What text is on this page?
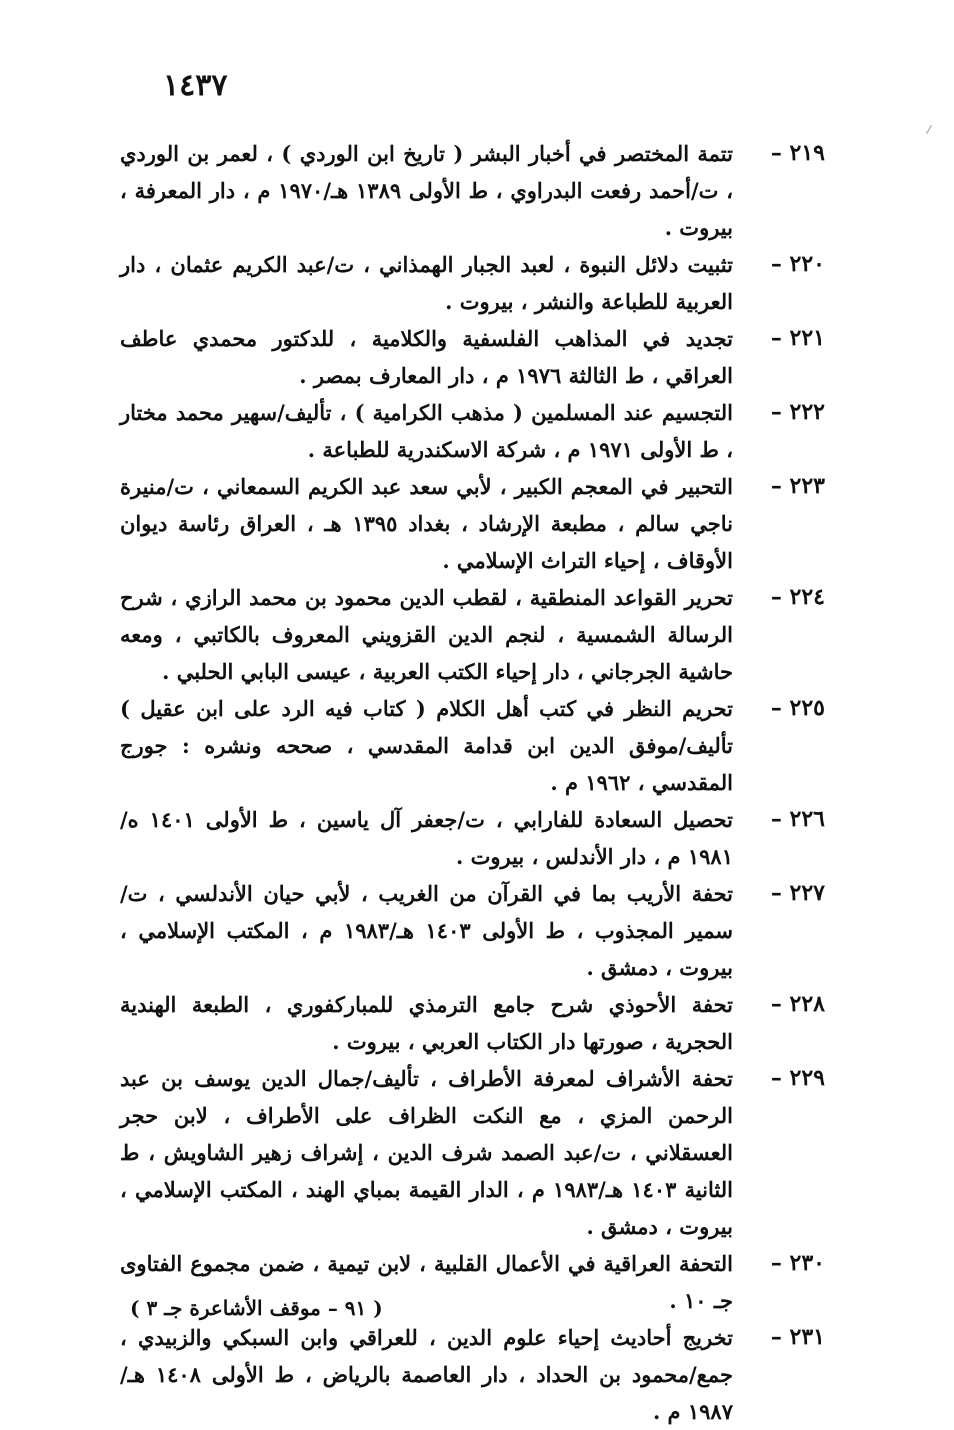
١٤٣٧
٢١٩ –
تتمة المختصر في أخبار البشر ( تاريخ ابن الوردي ) ، لعمر بن الوردي ، ت/أحمد رفعت البدراوي ، ط الأولى ١٣٨٩ هـ/١٩٧٠ م ، دار المعرفة ، بيروت .
٢٢٠ –
تثبيت دلائل النبوة ، لعبد الجبار الهمذاني ، ت/عبد الكريم عثمان ، دار العربية للطباعة والنشر ، بيروت .
٢٢١ –
تجديد في المذاهب الفلسفية والكلامية ، للدكتور محمدي عاطف العراقي ، ط الثالثة ١٩٧٦ م ، دار المعارف بمصر .
٢٢٢ –
التجسيم عند المسلمين ( مذهب الكرامية ) ، تأليف/سهير محمد مختار ، ط الأولى ١٩٧١ م ، شركة الاسكندرية للطباعة .
٢٢٣ –
التحبير في المعجم الكبير ، لأبي سعد عبد الكريم السمعاني ، ت/منيرة ناجي سالم ، مطبعة الإرشاد ، بغداد ١٣٩٥ هـ ، العراق رئاسة ديوان الأوقاف ، إحياء التراث الإسلامي .
٢٢٤ –
تحرير القواعد المنطقية ، لقطب الدين محمود بن محمد الرازي ، شرح الرسالة الشمسية ، لنجم الدين القزويني المعروف بالكاتبي ، ومعه حاشية الجرجاني ، دار إحياء الكتب العربية ، عيسى البابي الحلبي .
٢٢٥ –
تحريم النظر في كتب أهل الكلام ( كتاب فيه الرد على ابن عقيل ) تأليف/موفق الدين ابن قدامة المقدسي ، صححه ونشره : جورج المقدسي ، ١٩٦٢ م .
٢٢٦ –
تحصيل السعادة للفارابي ، ت/جعفر آل ياسين ، ط الأولى ١٤٠١ ه/١٩٨١ م ، دار الأندلس ، بيروت .
٢٢٧ –
تحفة الأريب بما في القرآن من الغريب ، لأبي حيان الأندلسي ، ت/سمير المجذوب ، ط الأولى ١٤٠٣ هـ/١٩٨٣ م ، المكتب الإسلامي ، بيروت ، دمشق .
٢٢٨ –
تحفة الأحوذي شرح جامع الترمذي للمباركفوري ، الطبعة الهندية الحجرية ، صورتها دار الكتاب العربي ، بيروت .
٢٢٩ –
تحفة الأشراف لمعرفة الأطراف ، تأليف/جمال الدين يوسف بن عبد الرحمن المزي ، مع النكت الظراف على الأطراف ، لابن حجر العسقلاني ، ت/عبد الصمد شرف الدين ، إشراف زهير الشاويش ، ط الثانية ١٤٠٣ هـ/١٩٨٣ م ، الدار القيمة بمباي الهند ، المكتب الإسلامي ، بيروت ، دمشق .
٢٣٠ –
التحفة العراقية في الأعمال القلبية ، لابن تيمية ، ضمن مجموع الفتاوى جـ ١٠ .
٢٣١ –
تخريج أحاديث إحياء علوم الدين ، للعراقي وابن السبكي والزبيدي ، جمع/محمود بن الحداد ، دار العاصمة بالرياض ، ط الأولى ١٤٠٨ هـ/١٩٨٧ م .
( ٩١ – موقف الأشاعرة جـ ٣ )
